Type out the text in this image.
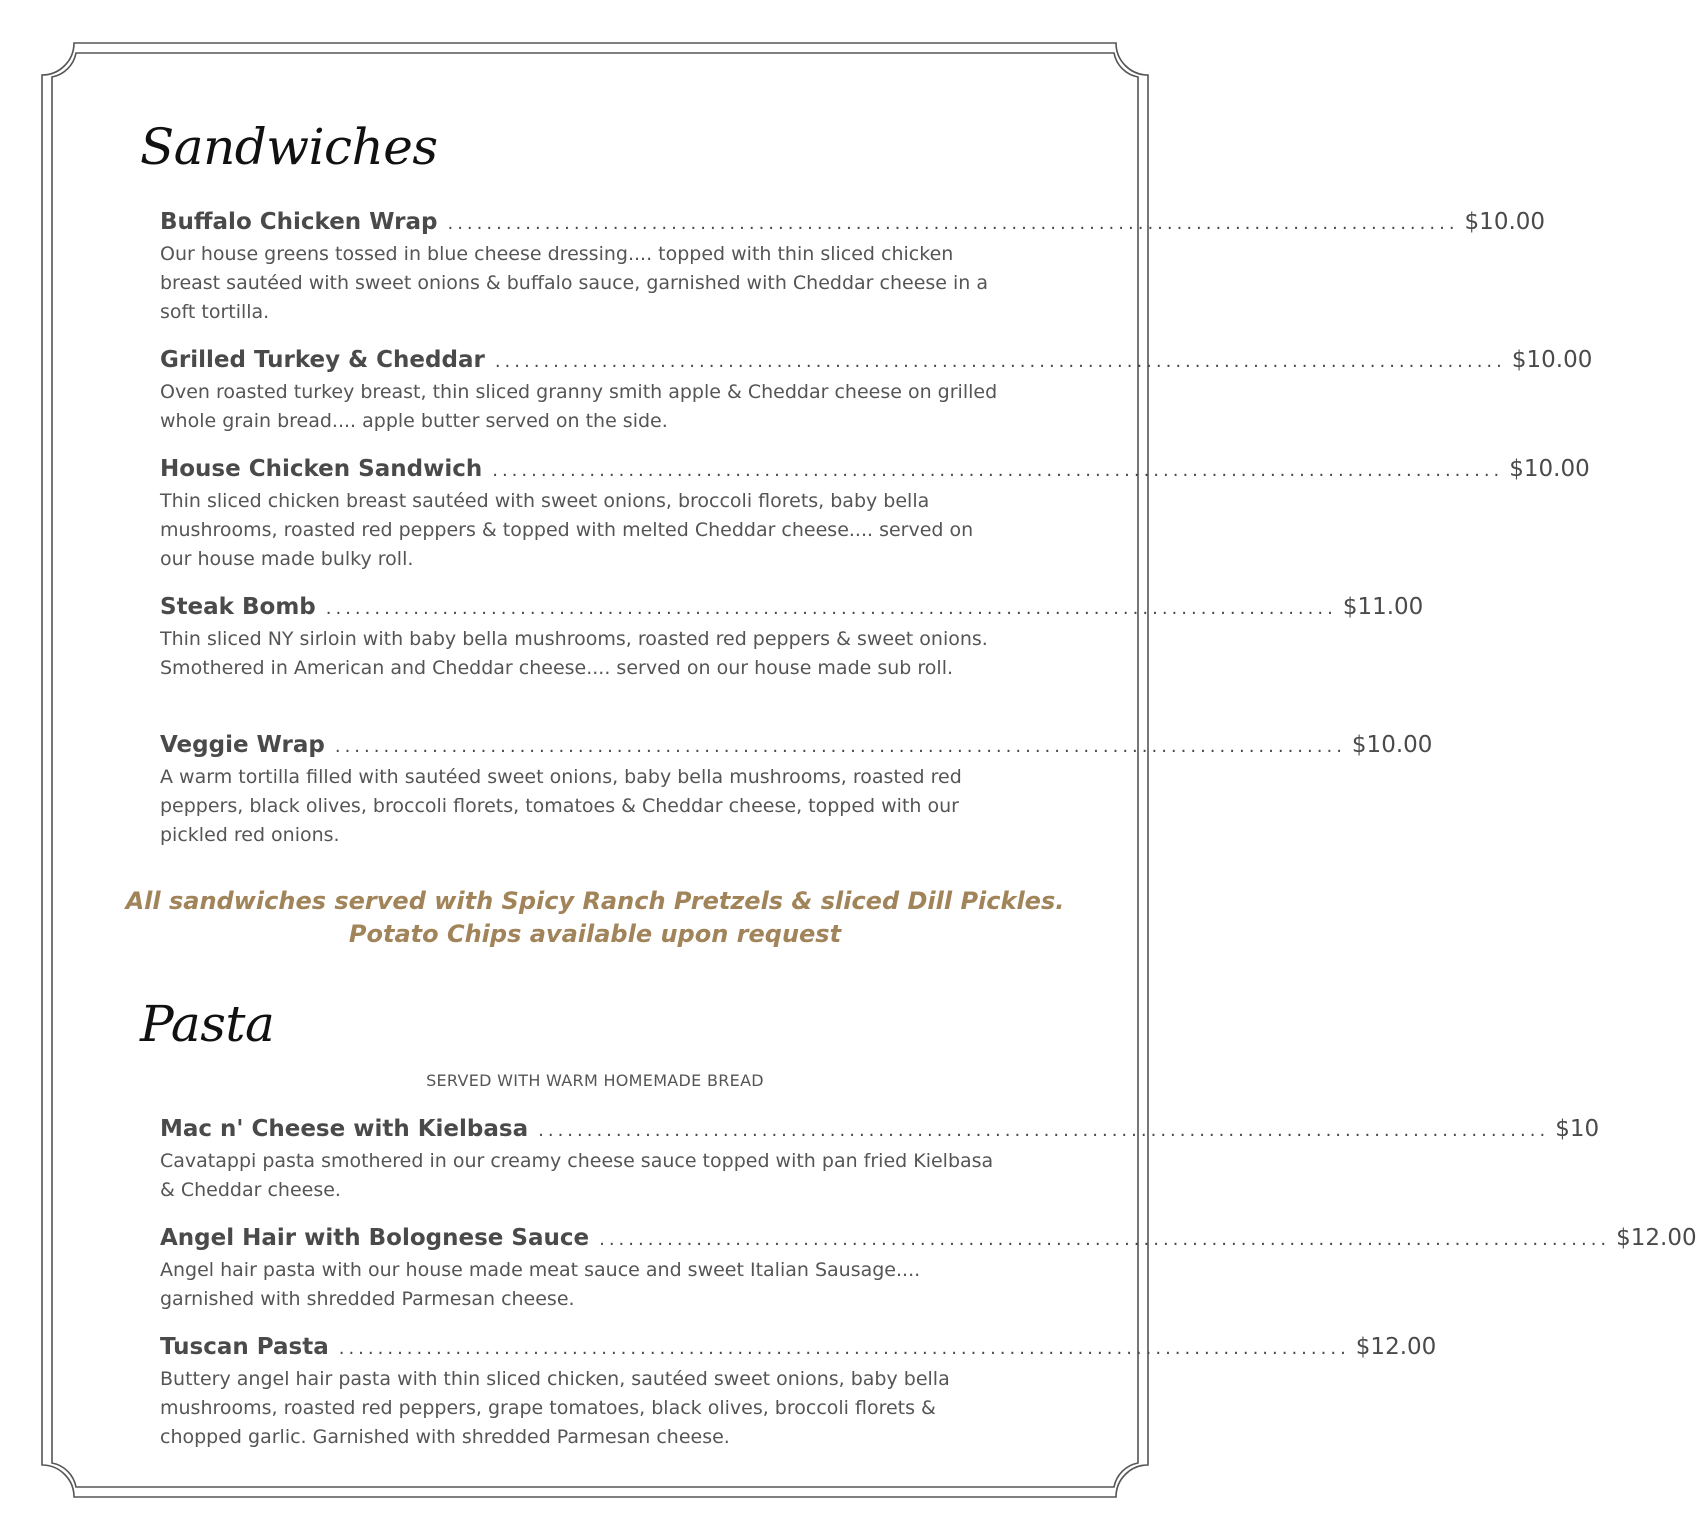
Sandwiches
Buffalo Chicken Wrap ........................................................................................................ $10.00
Our house greens tossed in blue cheese dressing.... topped with thin sliced chicken breast sautéed with sweet onions & buffalo sauce, garnished with Cheddar cheese in a soft tortilla.
Grilled Turkey & Cheddar ........................................................................................................ $10.00
Oven roasted turkey breast, thin sliced granny smith apple & Cheddar cheese on grilled whole grain bread.... apple butter served on the side.
House Chicken Sandwich ........................................................................................................ $10.00
Thin sliced chicken breast sautéed with sweet onions, broccoli florets, baby bella mushrooms, roasted red peppers & topped with melted Cheddar cheese.... served on our house made bulky roll.
Steak Bomb ........................................................................................................ $11.00
Thin sliced NY sirloin with baby bella mushrooms, roasted red peppers & sweet onions. Smothered in American and Cheddar cheese.... served on our house made sub roll.
Veggie Wrap ........................................................................................................ $10.00
A warm tortilla filled with sautéed sweet onions, baby bella mushrooms, roasted red peppers, black olives, broccoli florets, tomatoes & Cheddar cheese, topped with our pickled red onions.
All sandwiches served with Spicy Ranch Pretzels & sliced Dill Pickles.
Potato Chips available upon request
Pasta
SERVED WITH WARM HOMEMADE BREAD
Mac n' Cheese with Kielbasa ........................................................................................................ $10
Cavatappi pasta smothered in our creamy cheese sauce topped with pan fried Kielbasa & Cheddar cheese.
Angel Hair with Bolognese Sauce ........................................................................................................ $12.00
Angel hair pasta with our house made meat sauce and sweet Italian Sausage.... garnished with shredded Parmesan cheese.
Tuscan Pasta ........................................................................................................ $12.00
Buttery angel hair pasta with thin sliced chicken, sautéed sweet onions, baby bella mushrooms, roasted red peppers, grape tomatoes, black olives, broccoli florets & chopped garlic. Garnished with shredded Parmesan cheese.
